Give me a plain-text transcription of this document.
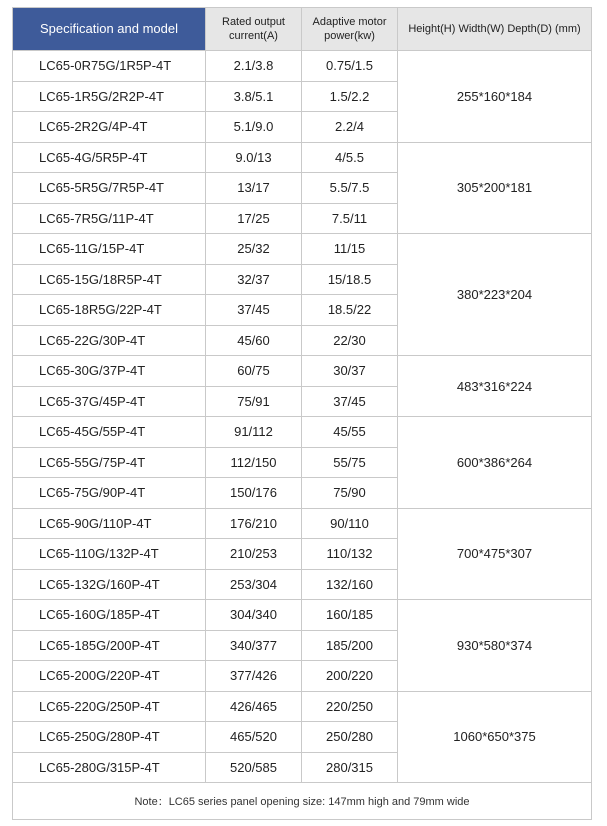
Specification and model	Rated output current(A)	Adaptive motor power(kw)	Height(H) Width(W) Depth(D) (mm)
LC65-0R75G/1R5P-4T	2.1/3.8	0.75/1.5	255*160*184
LC65-1R5G/2R2P-4T	3.8/5.1	1.5/2.2	
LC65-2R2G/4P-4T	5.1/9.0	2.2/4	
LC65-4G/5R5P-4T	9.0/13	4/5.5	305*200*181
LC65-5R5G/7R5P-4T	13/17	5.5/7.5	
LC65-7R5G/11P-4T	17/25	7.5/11	
LC65-11G/15P-4T	25/32	11/15	380*223*204
LC65-15G/18R5P-4T	32/37	15/18.5	
LC65-18R5G/22P-4T	37/45	18.5/22	
LC65-22G/30P-4T	45/60	22/30	
LC65-30G/37P-4T	60/75	30/37	483*316*224
LC65-37G/45P-4T	75/91	37/45	
LC65-45G/55P-4T	91/112	45/55	600*386*264
LC65-55G/75P-4T	112/150	55/75	
LC65-75G/90P-4T	150/176	75/90	
LC65-90G/110P-4T	176/210	90/110	700*475*307
LC65-110G/132P-4T	210/253	110/132	
LC65-132G/160P-4T	253/304	132/160	
LC65-160G/185P-4T	304/340	160/185	930*580*374
LC65-185G/200P-4T	340/377	185/200	
LC65-200G/220P-4T	377/426	200/220	
LC65-220G/250P-4T	426/465	220/250	1060*650*375
LC65-250G/280P-4T	465/520	250/280	
LC65-280G/315P-4T	520/585	280/315	
Note：LC65 series panel opening size: 147mm high and 79mm wide			
